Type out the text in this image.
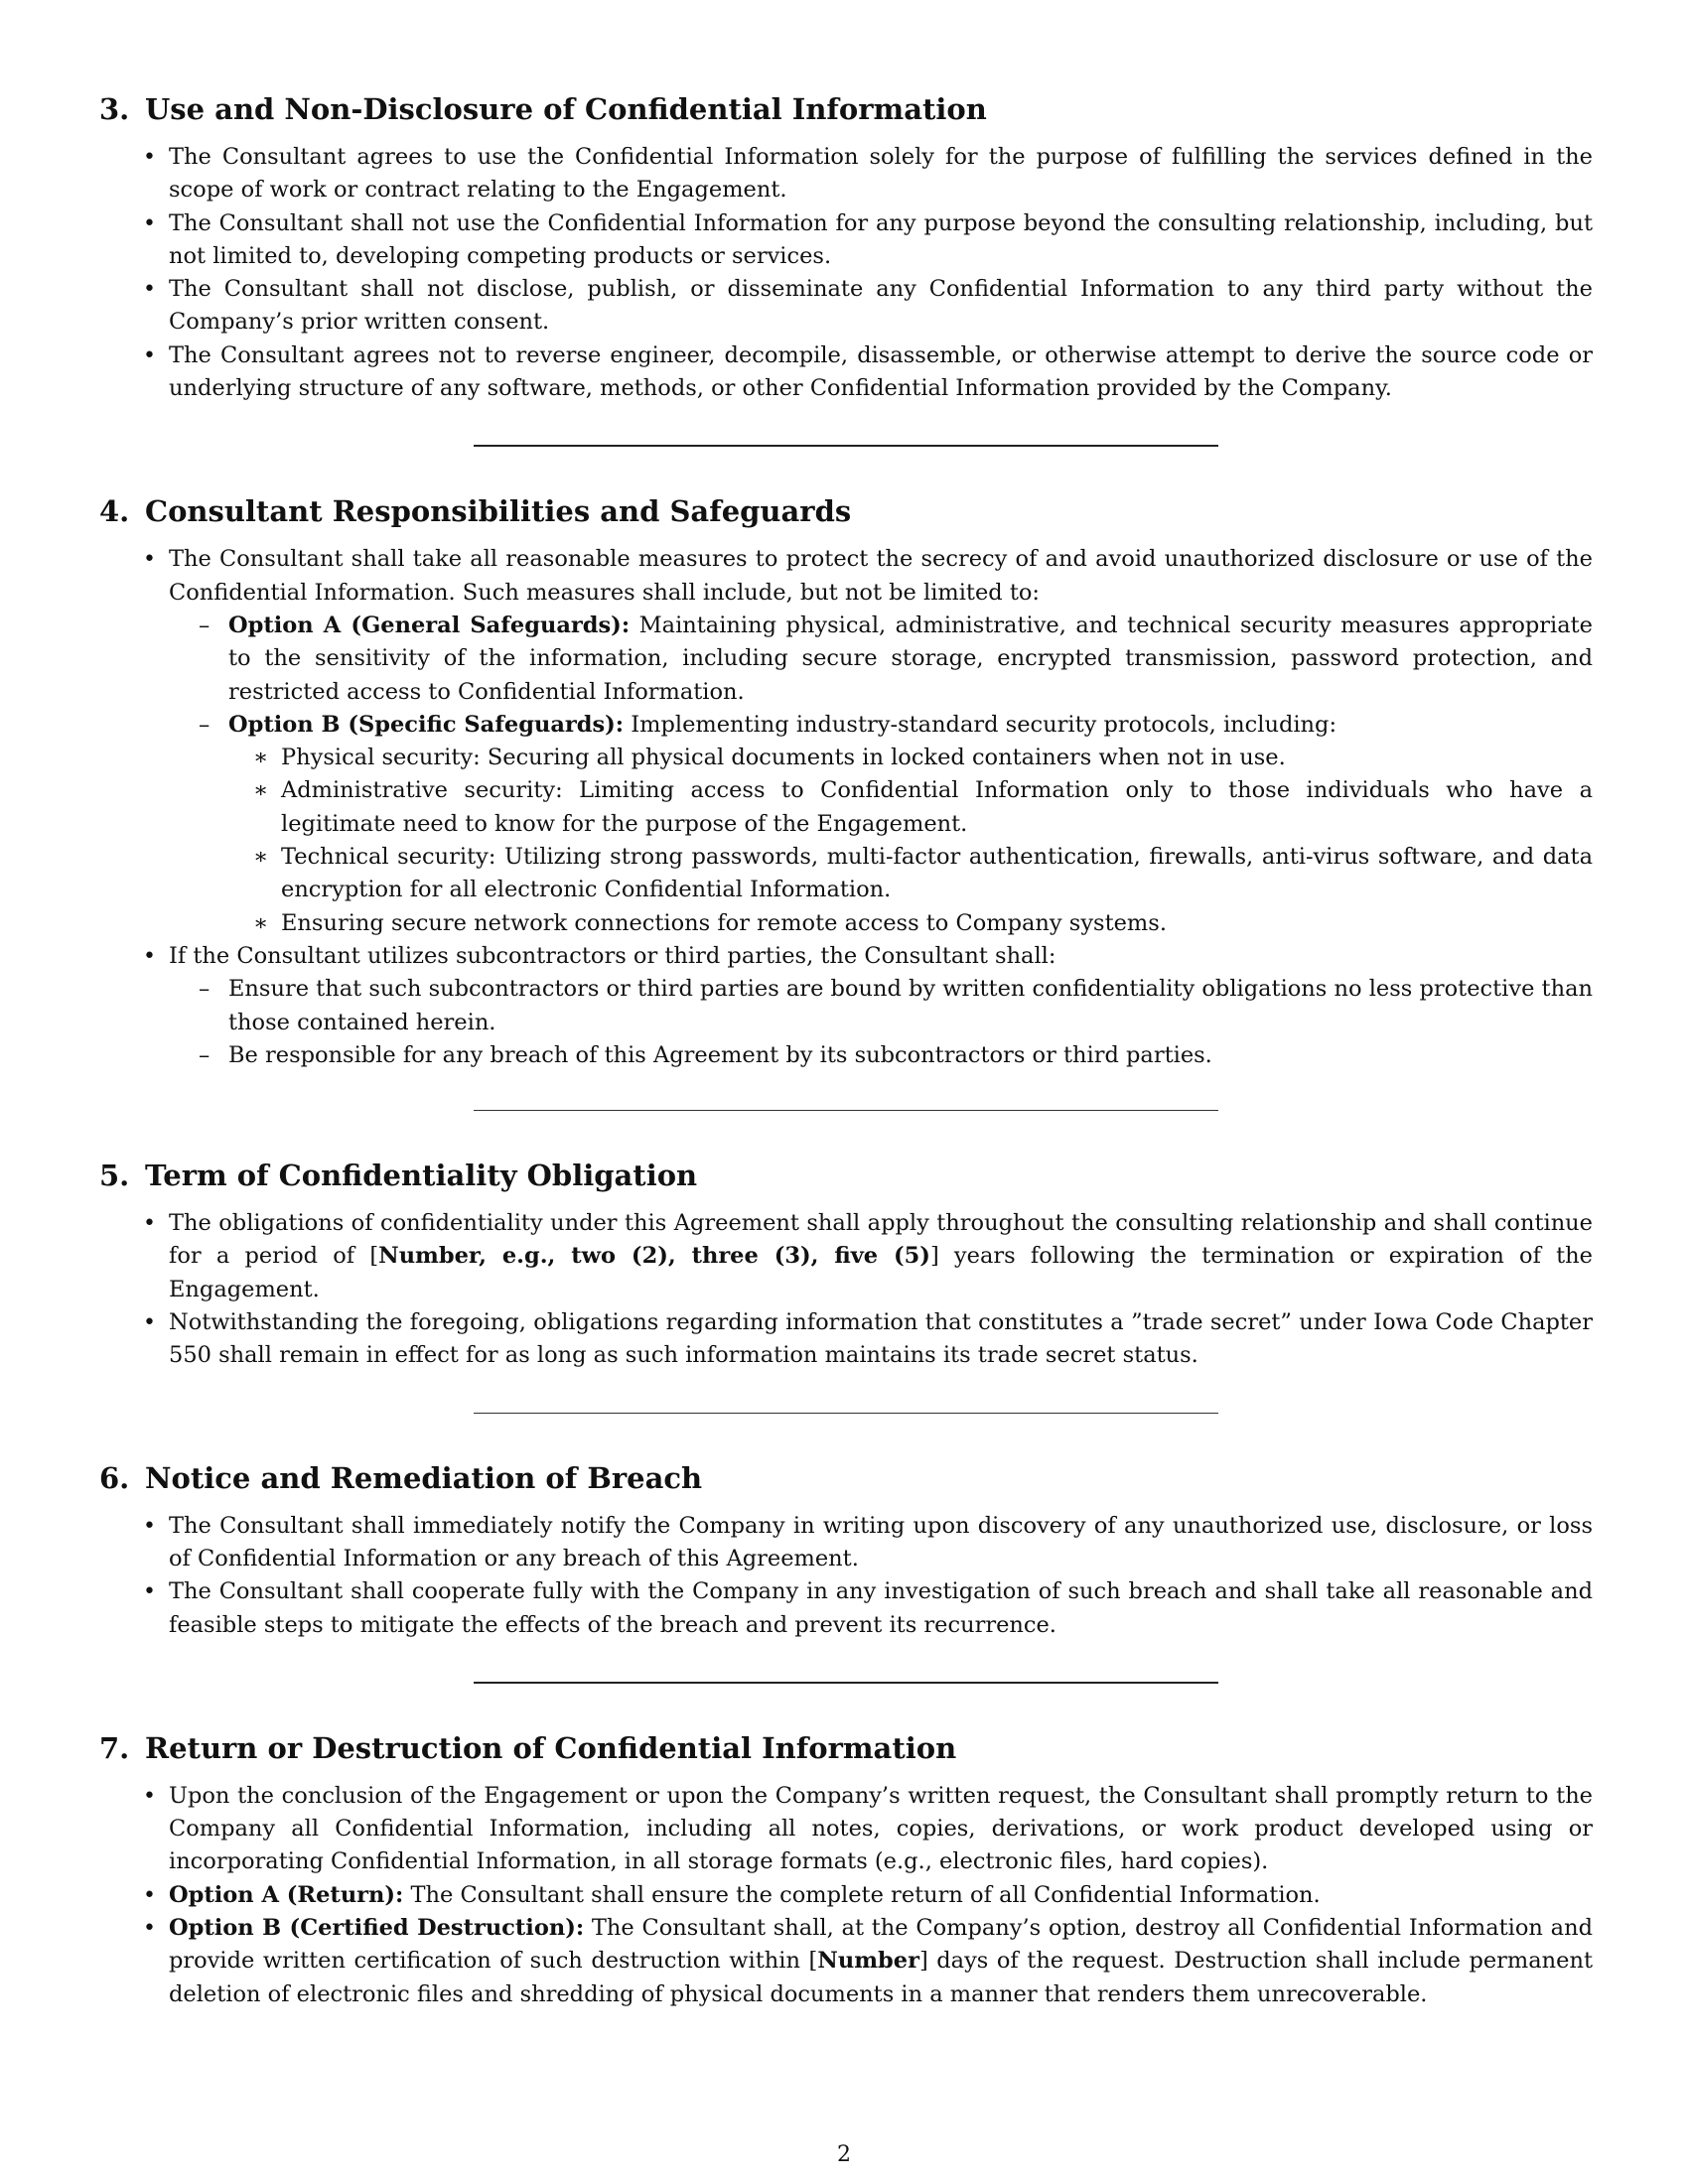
3. Use and Non-Disclosure of Confidential Information
• The Consultant agrees to use the Confidential Information solely for the purpose of fulfilling the services defined in the scope of work or contract relating to the Engagement.
• The Consultant shall not use the Confidential Information for any purpose beyond the consulting relationship, including, but not limited to, developing competing products or services.
• The Consultant shall not disclose, publish, or disseminate any Confidential Information to any third party without the Company’s prior written consent.
• The Consultant agrees not to reverse engineer, decompile, disassemble, or otherwise attempt to derive the source code or underlying structure of any software, methods, or other Confidential Information provided by the Company.
4. Consultant Responsibilities and Safeguards
• The Consultant shall take all reasonable measures to protect the secrecy of and avoid unauthorized disclosure or use of the Confidential Information. Such measures shall include, but not be limited to:
– Option A (General Safeguards): Maintaining physical, administrative, and technical security measures appropriate to the sensitivity of the information, including secure storage, encrypted transmission, password protection, and restricted access to Confidential Information.
– Option B (Specific Safeguards): Implementing industry-standard security protocols, including:
∗ Physical security: Securing all physical documents in locked containers when not in use.
∗ Administrative security: Limiting access to Confidential Information only to those individuals who have a legitimate need to know for the purpose of the Engagement.
∗ Technical security: Utilizing strong passwords, multi-factor authentication, firewalls, anti-virus software, and data encryption for all electronic Confidential Information.
∗ Ensuring secure network connections for remote access to Company systems.
• If the Consultant utilizes subcontractors or third parties, the Consultant shall:
– Ensure that such subcontractors or third parties are bound by written confidentiality obligations no less protective than those contained herein.
– Be responsible for any breach of this Agreement by its subcontractors or third parties.
5. Term of Confidentiality Obligation
• The obligations of confidentiality under this Agreement shall apply throughout the consulting relationship and shall continue for a period of [Number, e.g., two (2), three (3), five (5)] years following the termination or expiration of the Engagement.
• Notwithstanding the foregoing, obligations regarding information that constitutes a ”trade secret” under Iowa Code Chapter 550 shall remain in effect for as long as such information maintains its trade secret status.
6. Notice and Remediation of Breach
• The Consultant shall immediately notify the Company in writing upon discovery of any unauthorized use, disclosure, or loss of Confidential Information or any breach of this Agreement.
• The Consultant shall cooperate fully with the Company in any investigation of such breach and shall take all reasonable and feasible steps to mitigate the effects of the breach and prevent its recurrence.
7. Return or Destruction of Confidential Information
• Upon the conclusion of the Engagement or upon the Company’s written request, the Consultant shall promptly return to the Company all Confidential Information, including all notes, copies, derivations, or work product developed using or incorporating Confidential Information, in all storage formats (e.g., electronic files, hard copies).
• Option A (Return): The Consultant shall ensure the complete return of all Confidential Information.
• Option B (Certified Destruction): The Consultant shall, at the Company’s option, destroy all Confidential Information and provide written certification of such destruction within [Number] days of the request. Destruction shall include permanent deletion of electronic files and shredding of physical documents in a manner that renders them unrecoverable.
2
